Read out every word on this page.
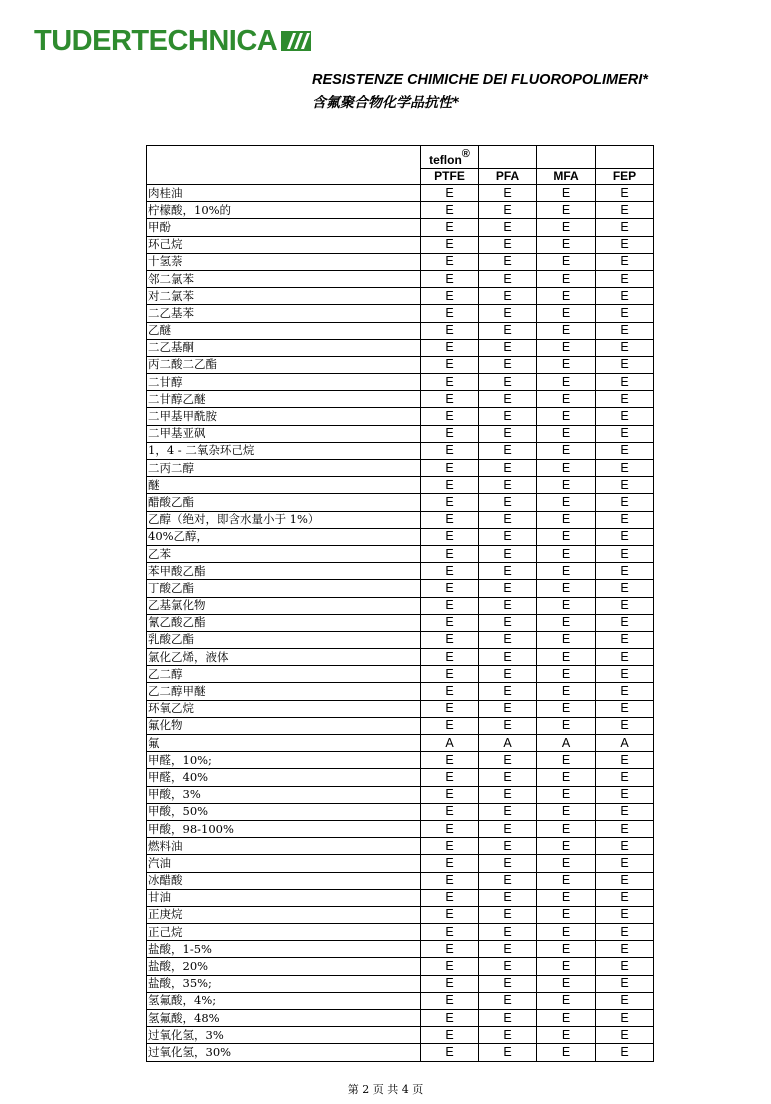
TUDERTECHNICA
RESISTENZE CHIMICHE DEI FLUOROPOLIMERI*
含氟聚合物化学品抗性*
	teflon®			
	PTFE	PFA	MFA	FEP
肉桂油	E	E	E	E
柠檬酸，10%的	E	E	E	E
甲酚	E	E	E	E
环己烷	E	E	E	E
十氢萘	E	E	E	E
邻二氯苯	E	E	E	E
对二氯苯	E	E	E	E
二乙基苯	E	E	E	E
乙醚	E	E	E	E
二乙基酮	E	E	E	E
丙二酸二乙酯	E	E	E	E
二甘醇	E	E	E	E
二甘醇乙醚	E	E	E	E
二甲基甲酰胺	E	E	E	E
二甲基亚砜	E	E	E	E
1，4 - 二氧杂环己烷	E	E	E	E
二丙二醇	E	E	E	E
醚	E	E	E	E
醋酸乙酯	E	E	E	E
乙醇（绝对，即含水量小于 1%）	E	E	E	E
40%乙醇，	E	E	E	E
乙苯	E	E	E	E
苯甲酸乙酯	E	E	E	E
丁酸乙酯	E	E	E	E
乙基氯化物	E	E	E	E
氰乙酸乙酯	E	E	E	E
乳酸乙酯	E	E	E	E
氯化乙烯，液体	E	E	E	E
乙二醇	E	E	E	E
乙二醇甲醚	E	E	E	E
环氧乙烷	E	E	E	E
氟化物	E	E	E	E
氟	A	A	A	A
甲醛，10%;	E	E	E	E
甲醛，40%	E	E	E	E
甲酸，3%	E	E	E	E
甲酸，50%	E	E	E	E
甲酸，98-100%	E	E	E	E
燃料油	E	E	E	E
汽油	E	E	E	E
冰醋酸	E	E	E	E
甘油	E	E	E	E
正庚烷	E	E	E	E
正己烷	E	E	E	E
盐酸，1-5%	E	E	E	E
盐酸，20%	E	E	E	E
盐酸，35%;	E	E	E	E
氢氟酸，4%;	E	E	E	E
氢氟酸，48%	E	E	E	E
过氧化氢，3%	E	E	E	E
过氧化氢，30%	E	E	E	E
第 2 页 共 4 页
